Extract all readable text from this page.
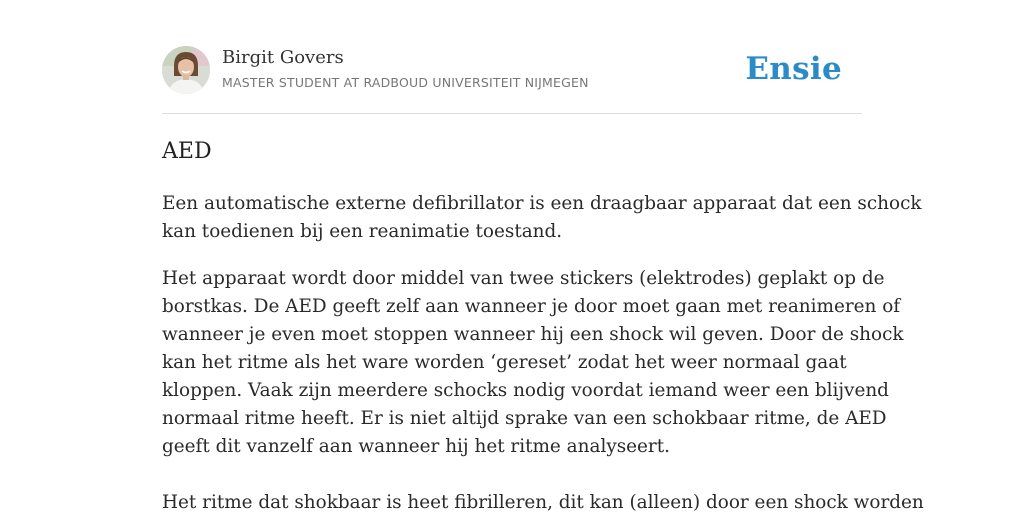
Birgit Govers
MASTER STUDENT AT RADBOUD UNIVERSITEIT NIJMEGEN	Ensie
AED

Een automatische externe defibrillator is een draagbaar apparaat dat een schock
kan toedienen bij een reanimatie toestand.

Het apparaat wordt door middel van twee stickers (elektrodes) geplakt op de
borstkas. De AED geeft zelf aan wanneer je door moet gaan met reanimeren of
wanneer je even moet stoppen wanneer hij een shock wil geven. Door de shock
kan het ritme als het ware worden ‘gereset’ zodat het weer normaal gaat
kloppen. Vaak zijn meerdere schocks nodig voordat iemand weer een blijvend
normaal ritme heeft. Er is niet altijd sprake van een schokbaar ritme, de AED
geeft dit vanzelf aan wanneer hij het ritme analyseert.
Het ritme dat shokbaar is heet fibrilleren, dit kan (alleen) door een shock worden
